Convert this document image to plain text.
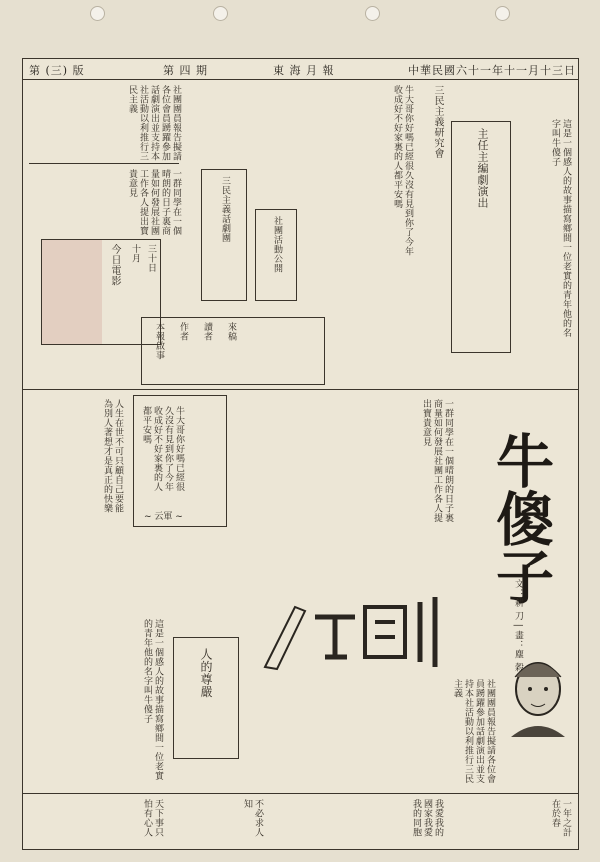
第 (三) 版	第 四 期	東 海 月 報	中華民國六十一年十一月十三日
社團團員報告擬請各位會員踴躍參加話劇演出並支持本社活動以利推行三民主義
一群同學在一個晴朗的日子裏商量如何發展社團工作各人提出寶貴意見
今日電影	十月 三十日
三民主義話劇團
社團活動公開	牛大哥你好嗎已經很久沒有見到你了今年收成好不好家裏的人都平安嗎	三民主義研究會
主任主編劇演出	這是一個感人的故事描寫鄉間一位老實的青年他的名字叫牛傻子
本報啟事	作者	讀者	來稿
人生在世不可只顧自己要能為別人著想才是真正的快樂	牛大哥你好嗎已經很久沒有見到你了今年收成好不好家裏的人都平安嗎
~ 云軍 ~	一群同學在一個晴朗的日子裏商量如何發展社團工作各人提出寶貴意見
牛傻子
文：耕 刀 | 畫：塵 穀
人的尊嚴
這是一個感人的故事描寫鄉間一位老實的青年他的名字叫牛傻子
社團團員報告擬請各位會員踴躍參加話劇演出並支持本社活動以利推行三民主義
天下事只怕有心人	不必求人知	我愛我的國家我愛我的同胞	一年之計在於春
